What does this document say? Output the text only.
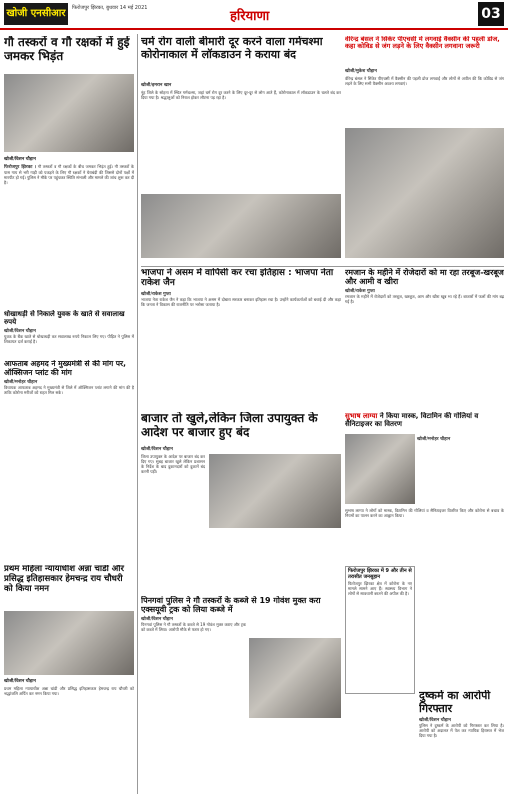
खोजी एनसीआर	फिरोजपुर झिरका, बुधवार 14 मई 2021
हरियाणा	03
गौ तस्करों व गौ रक्षकों में हुई जमकर भिड़ंत
खोजी/विशन चौहान
फिरोजपुर झिरका । गौ तस्करों व गौ रक्षकों के बीच जमकर भिड़ंत हुई। गौ तस्करों के पास गाय से भरी गाड़ी को पकड़ने के लिए गौ रक्षकों ने घेराबंदी की जिससे दोनों पक्षों में मारपीट हो गई। पुलिस ने मौके पर पहुंचकर स्थिति संभाली और मामले की जांच शुरू कर दी है।
धोखाधड़ी से निकाले युवक के खाते से सवालाख रुपये
खोजी/विशन चौहान
युवक के बैंक खाते से धोखाधड़ी कर सवालाख रुपये निकाल लिए गए। पीड़ित ने पुलिस में शिकायत दर्ज कराई है।
आफताब अहमद ने मुख्यमंत्री से की मांग पर, ऑक्सिजन प्लांट की मांग
खोजी/मनोहर चौहान
विधायक आफताब अहमद ने मुख्यमंत्री से जिले में ऑक्सिजन प्लांट लगाने की मांग की है ताकि कोरोना मरीजों को राहत मिल सके।
प्रथम महिला न्यायाधीश अन्ना चांडी और प्रसिद्ध इतिहासकार हेमचन्द्र राय चौधरी को किया नमन
खोजी/विशन चौहान
प्रथम महिला न्यायाधीश अन्ना चांडी और प्रसिद्ध इतिहासकार हेमचन्द्र राय चौधरी को श्रद्धांजलि अर्पित कर नमन किया गया।
चर्म रोग वाली बीमारी दूर करने वाला गर्मचश्मा कोरोनाकाल में लॉकडाउन ने कराया बंद
खोजी/इमरान खान
नूंह जिले के सोहना में स्थित गर्मचश्मा, जहां चर्म रोग दूर करने के लिए दूर-दूर से लोग आते हैं, कोरोनाकाल में लॉकडाउन के चलते बंद कर दिया गया है। श्रद्धालुओं को निराश होकर लौटना पड़ रहा है।
वीरेन्द्र बंसल ने सिंकेर पीएचसी में लगवाई वैक्सीन की पहली डोज, कहा कोविड से जंग लड़ने के लिए वैक्सीन लगवाना जरूरी
खोजी/मुकेश चौहान
वीरेन्द्र बंसल ने सिंकेर पीएचसी में वैक्सीन की पहली डोज लगवाई और लोगों से अपील की कि कोविड से जंग लड़ने के लिए सभी वैक्सीन अवश्य लगवाएं।
भाजपा ने असम में वापिसी कर रचा इतिहास : भाजपा नेता राकेश जैन
खोजी/राकेश गुप्ता
भाजपा नेता राकेश जैन ने कहा कि भाजपा ने असम में दोबारा सरकार बनाकर इतिहास रचा है। उन्होंने कार्यकर्ताओं को बधाई दी और कहा कि जनता ने विकास की राजनीति पर भरोसा जताया है।
रमजान के महीने में रोजेदारों को मा रहा तरबूज-खरबूज और आमी व खीरा
खोजी/राकेश गुप्ता
रमजान के महीने में रोजेदारों को तरबूज, खरबूज, आम और खीरा खूब भा रहे हैं। बाजारों में फलों की मांग बढ़ गई है।
सुभाष लाग्या ने किया मास्क, विटामिन की गोलियां व सैनिटाइजर का वितरण
खोजी/मनोहर चौहान
सुभाष लाग्या ने लोगों को मास्क, विटामिन की गोलियां व सैनिटाइजर वितरित किए और कोरोना से बचाव के नियमों का पालन करने का आह्वान किया।
बाजार तो खुले,लेकिन जिला उपायुक्त के आदेश पर बाजार हुए बंद
खोजी/विशन चौहान
जिला उपायुक्त के आदेश पर बाजार बंद कर दिए गए। सुबह बाजार खुले लेकिन प्रशासन के निर्देश के बाद दुकानदारों को दुकानें बंद करनी पड़ीं।
पिनगवां पुलिस ने गौ तस्करों के कब्जे से 19 गोवंश मुक्त करा एक्सयूवी ट्रक को लिया कब्जे में
खोजी/विशन चौहान
पिनगवां पुलिस ने गौ तस्करों के कब्जे से 19 गोवंश मुक्त कराए और ट्रक को कब्जे में लिया। आरोपी मौके से फरार हो गए।
फिरोजपुर झिरका में 9 और तीन से तरासीत जनसुहान
फिरोजपुर झिरका क्षेत्र में कोरोना के नए मामले सामने आए हैं। स्वास्थ्य विभाग ने लोगों से सावधानी बरतने की अपील की है।
दुष्कर्म का आरोपी गिरफ्तार
खोजी/विशन चौहान
पुलिस ने दुष्कर्म के आरोपी को गिरफ्तार कर लिया है। आरोपी को अदालत में पेश कर न्यायिक हिरासत में भेज दिया गया है।
